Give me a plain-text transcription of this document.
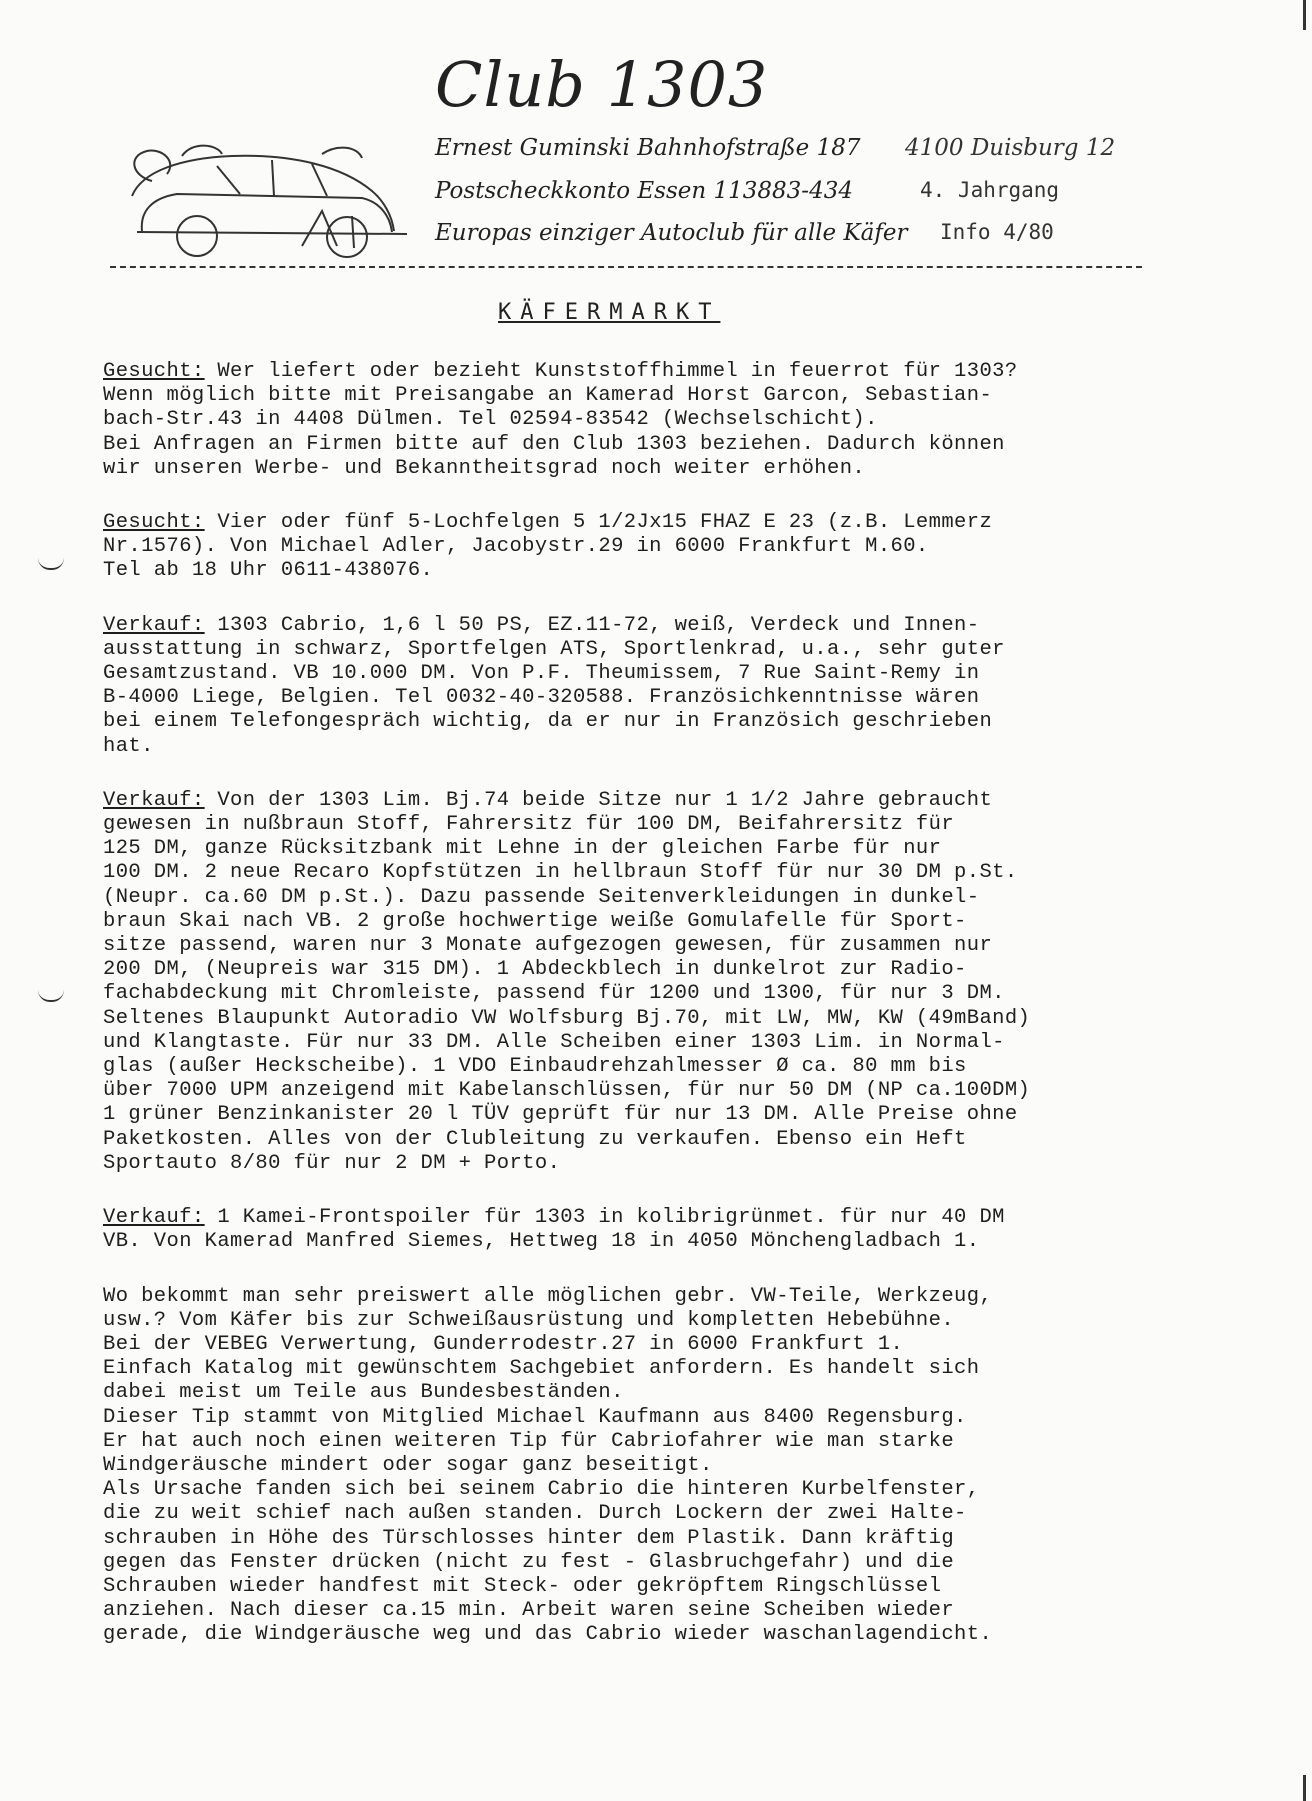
Club 1303
Ernest Guminski Bahnhofstraße 187 4100 Duisburg 12
Postscheckkonto Essen 113883-434	4. Jahrgang
Europas einziger Autoclub für alle Käfer Info 4/80
KÄFERMARKT

Gesucht: Wer liefert oder bezieht Kunststoffhimmel in feuerrot für 1303?

Wenn möglich bitte mit Preisangabe an Kamerad Horst Garcon, Sebastian-

bach-Str.43 in 4408 Dülmen. Tel 02594-83542 (Wechselschicht).

Bei Anfragen an Firmen bitte auf den Club 1303 beziehen. Dadurch können

wir unseren Werbe- und Bekanntheitsgrad noch weiter erhöhen.

Gesucht: Vier oder fünf 5-Lochfelgen 5 1/2Jx15 FHAZ E 23 (z.B. Lemmerz

Nr.1576). Von Michael Adler, Jacobystr.29 in 6000 Frankfurt M.60.

Tel ab 18 Uhr 0611-438076.

Verkauf: 1303 Cabrio, 1,6 l 50 PS, EZ.11-72, weiß, Verdeck und Innen-

ausstattung in schwarz, Sportfelgen ATS, Sportlenkrad, u.a., sehr guter

Gesamtzustand. VB 10.000 DM. Von P.F. Theumissem, 7 Rue Saint-Remy in

B-4000 Liege, Belgien. Tel 0032-40-320588. Französichkenntnisse wären

bei einem Telefongespräch wichtig, da er nur in Französich geschrieben

hat.

Verkauf: Von der 1303 Lim. Bj.74 beide Sitze nur 1 1/2 Jahre gebraucht

gewesen in nußbraun Stoff, Fahrersitz für 100 DM, Beifahrersitz für

125 DM, ganze Rücksitzbank mit Lehne in der gleichen Farbe für nur

100 DM. 2 neue Recaro Kopfstützen in hellbraun Stoff für nur 30 DM p.St.

(Neupr. ca.60 DM p.St.). Dazu passende Seitenverkleidungen in dunkel-

braun Skai nach VB. 2 große hochwertige weiße Gomulafelle für Sport-

sitze passend, waren nur 3 Monate aufgezogen gewesen, für zusammen nur

200 DM, (Neupreis war 315 DM). 1 Abdeckblech in dunkelrot zur Radio-

fachabdeckung mit Chromleiste, passend für 1200 und 1300, für nur 3 DM.

Seltenes Blaupunkt Autoradio VW Wolfsburg Bj.70, mit LW, MW, KW (49mBand)

und Klangtaste. Für nur 33 DM. Alle Scheiben einer 1303 Lim. in Normal-

glas (außer Heckscheibe). 1 VDO Einbaudrehzahlmesser Ø ca. 80 mm bis

über 7000 UPM anzeigend mit Kabelanschlüssen, für nur 50 DM (NP ca.100DM)

1 grüner Benzinkanister 20 l TÜV geprüft für nur 13 DM. Alle Preise ohne

Paketkosten. Alles von der Clubleitung zu verkaufen. Ebenso ein Heft

Sportauto 8/80 für nur 2 DM + Porto.

Verkauf: 1 Kamei-Frontspoiler für 1303 in kolibrigrünmet. für nur 40 DM

VB. Von Kamerad Manfred Siemes, Hettweg 18 in 4050 Mönchengladbach 1.

Wo bekommt man sehr preiswert alle möglichen gebr. VW-Teile, Werkzeug,

usw.? Vom Käfer bis zur Schweißausrüstung und kompletten Hebebühne.

Bei der VEBEG Verwertung, Gunderrodestr.27 in 6000 Frankfurt 1.

Einfach Katalog mit gewünschtem Sachgebiet anfordern. Es handelt sich

dabei meist um Teile aus Bundesbeständen.

Dieser Tip stammt von Mitglied Michael Kaufmann aus 8400 Regensburg.

Er hat auch noch einen weiteren Tip für Cabriofahrer wie man starke

Windgeräusche mindert oder sogar ganz beseitigt.

Als Ursache fanden sich bei seinem Cabrio die hinteren Kurbelfenster,

die zu weit schief nach außen standen. Durch Lockern der zwei Halte-

schrauben in Höhe des Türschlosses hinter dem Plastik. Dann kräftig

gegen das Fenster drücken (nicht zu fest - Glasbruchgefahr) und die

Schrauben wieder handfest mit Steck- oder gekröpftem Ringschlüssel

anziehen. Nach dieser ca.15 min. Arbeit waren seine Scheiben wieder

gerade, die Windgeräusche weg und das Cabrio wieder waschanlagendicht.
